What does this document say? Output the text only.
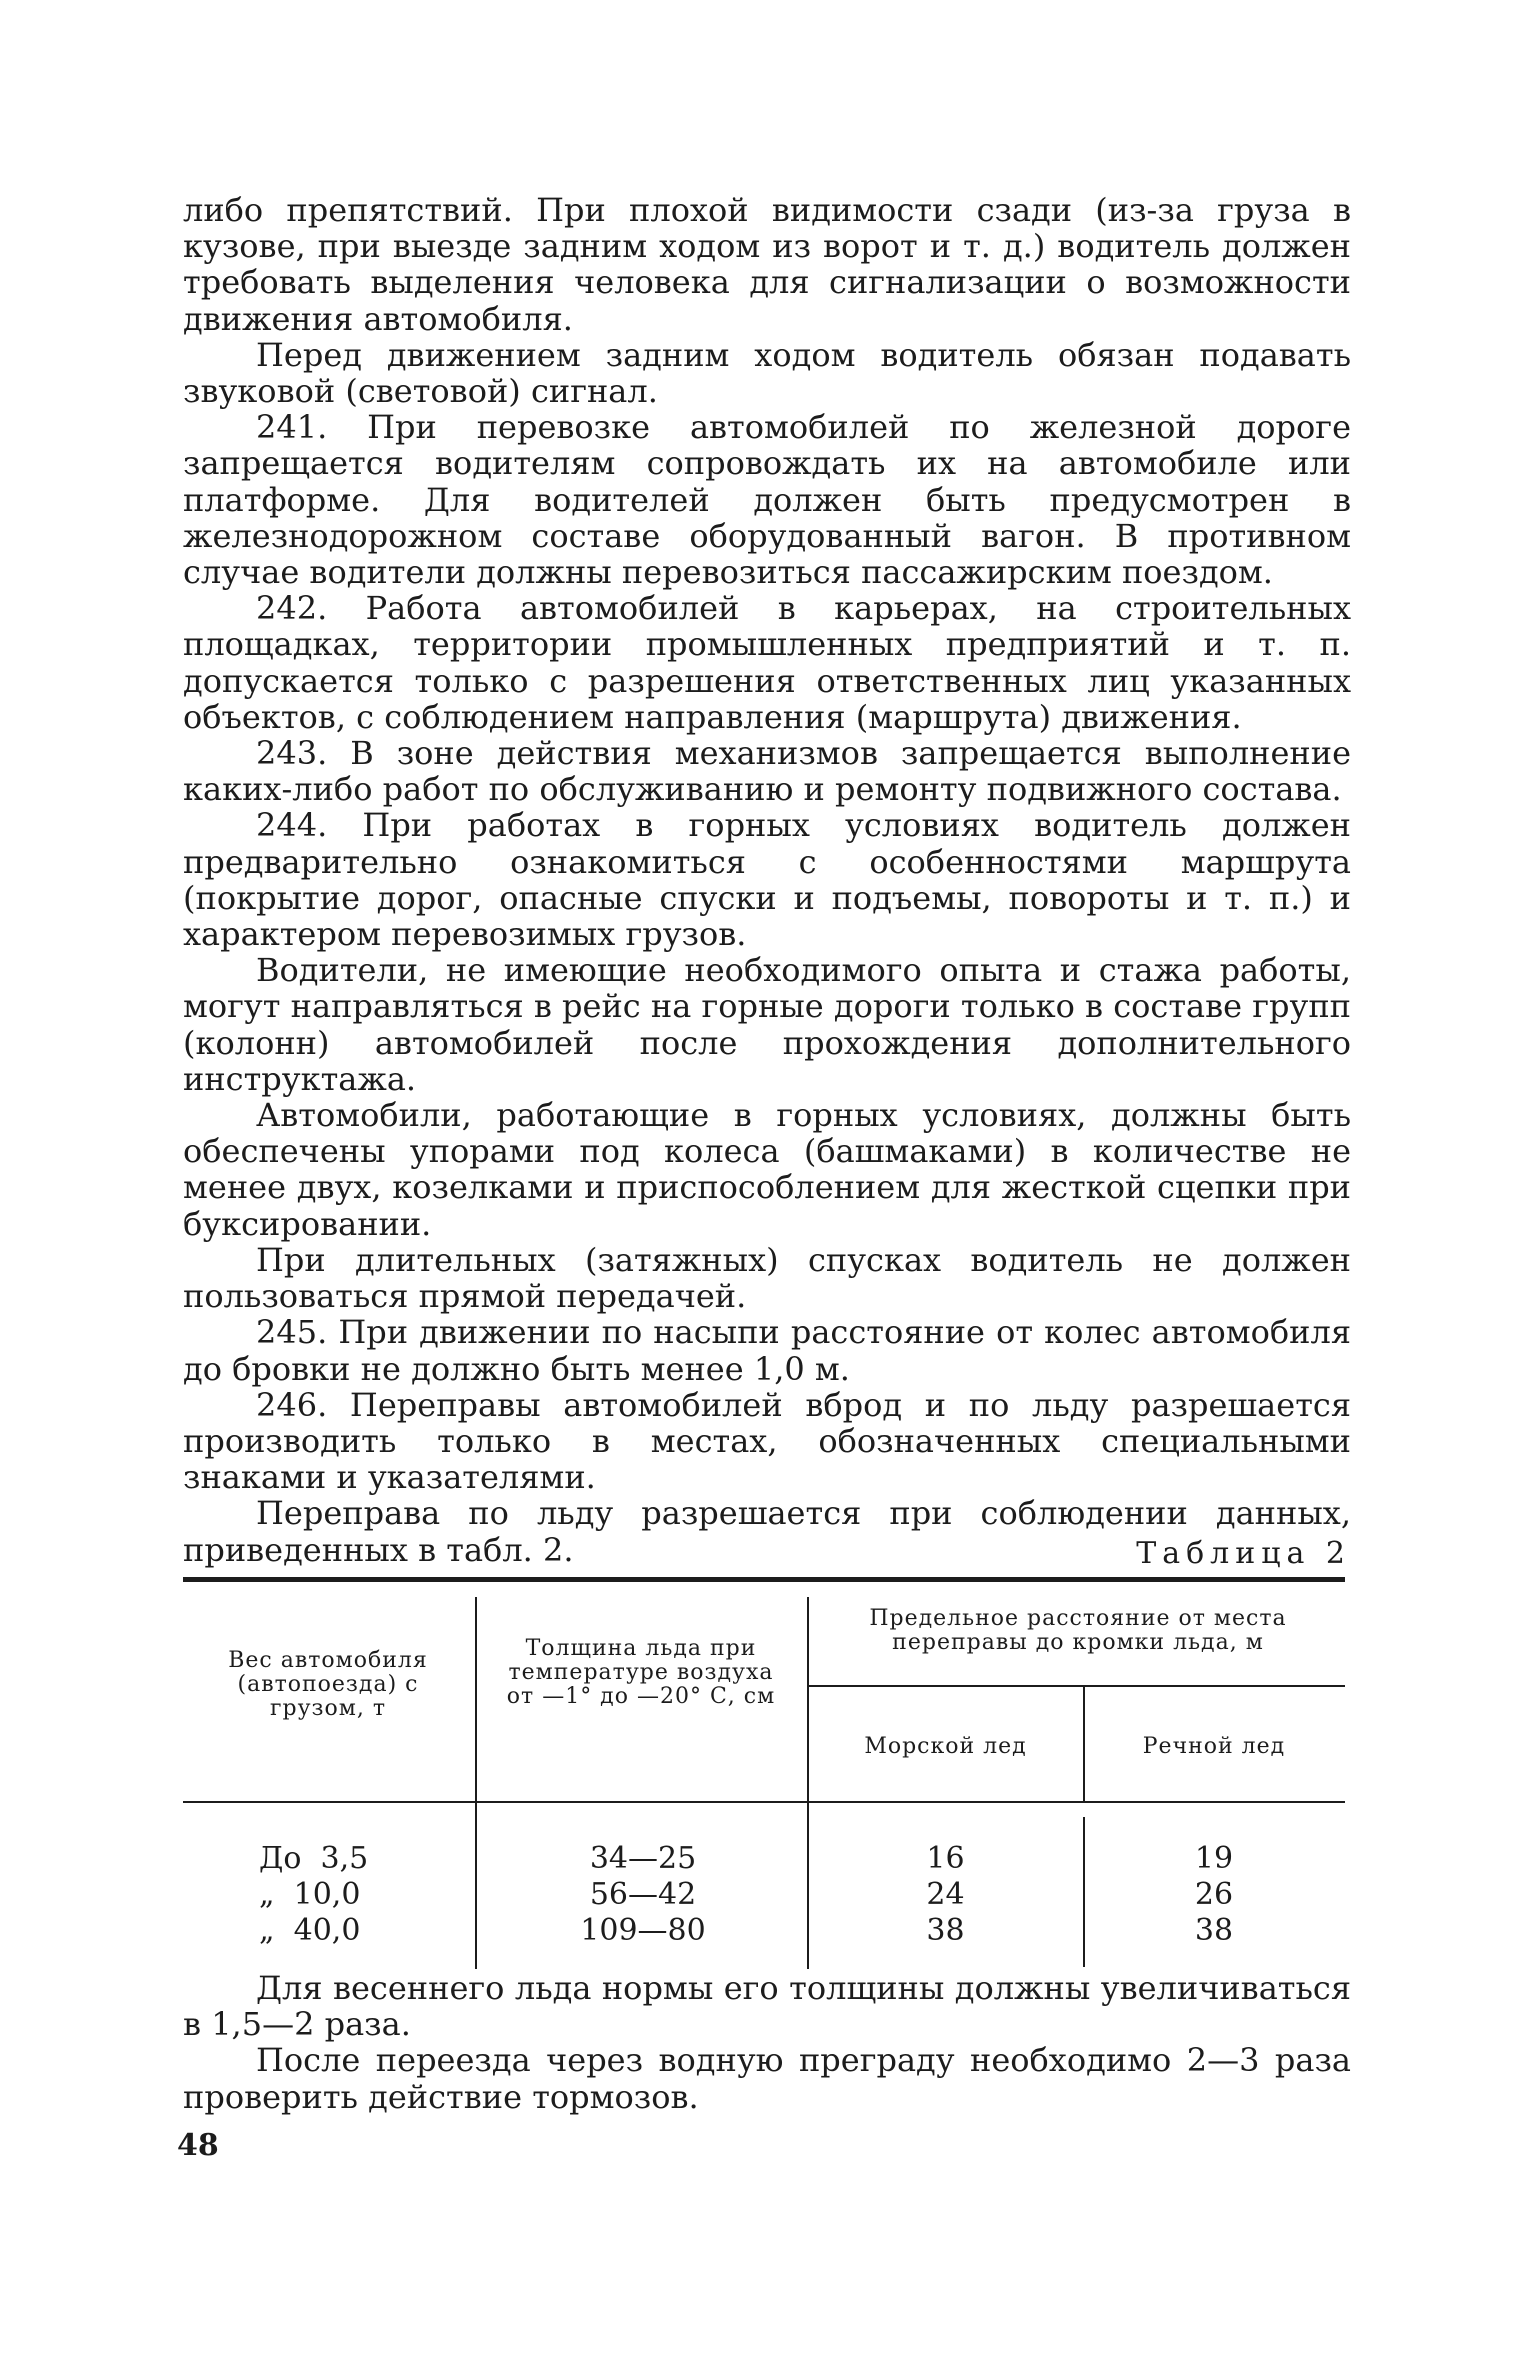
либо препятствий. При плохой видимости сзади (из-за груза в кузове, при выезде задним ходом из ворот и т. д.) водитель должен требовать выделения человека для сигнализации о возможности движения автомобиля.

Перед движением задним ходом водитель обязан подавать звуковой (световой) сигнал.

241. При перевозке автомобилей по железной дороге запрещается водителям сопровождать их на автомобиле или платформе. Для водителей должен быть предусмотрен в железнодорожном составе оборудованный вагон. В противном случае водители должны перевозиться пассажирским поездом.

242. Работа автомобилей в карьерах, на строительных площадках, территории промышленных предприятий и т. п. допускается только с разрешения ответственных лиц указанных объектов, с соблюдением направления (маршрута) движения.

243. В зоне действия механизмов запрещается выполнение каких-либо работ по обслуживанию и ремонту подвижного состава.

244. При работах в горных условиях водитель должен предварительно ознакомиться с особенностями маршрута (покрытие дорог, опасные спуски и подъемы, повороты и т. п.) и характером перевозимых грузов.

Водители, не имеющие необходимого опыта и стажа работы, могут направляться в рейс на горные дороги только в составе групп (колонн) автомобилей после прохождения дополнительного инструктажа.

Автомобили, работающие в горных условиях, должны быть обеспечены упорами под колеса (башмаками) в количестве не менее двух, козелками и приспособлением для жесткой сцепки при буксировании.

При длительных (затяжных) спусках водитель не должен пользоваться прямой передачей.

245. При движении по насыпи расстояние от колес автомобиля до бровки не должно быть менее 1,0 м.

246. Переправы автомобилей вброд и по льду разрешается производить только в местах, обозначенных специальными знаками и указателями.

Переправа по льду разрешается при соблюдении данных, приведенных в табл. 2.	Таблица 2
Вес автомобиля (автопоезда) с грузом, т
Толщина льда при температуре воздуха от —1° до —20° С, см
Предельное расстояние от места переправы до кромки льда, м
Морской лед	Речной лед
До  3,5
„  10,0
„  40,0
34—25
56—42
109—80
16
24
38
19
26
38

Для весеннего льда нормы его толщины должны увеличиваться в 1,5—2 раза.

После переезда через водную преграду необходимо 2—3 раза проверить действие тормозов.

48
